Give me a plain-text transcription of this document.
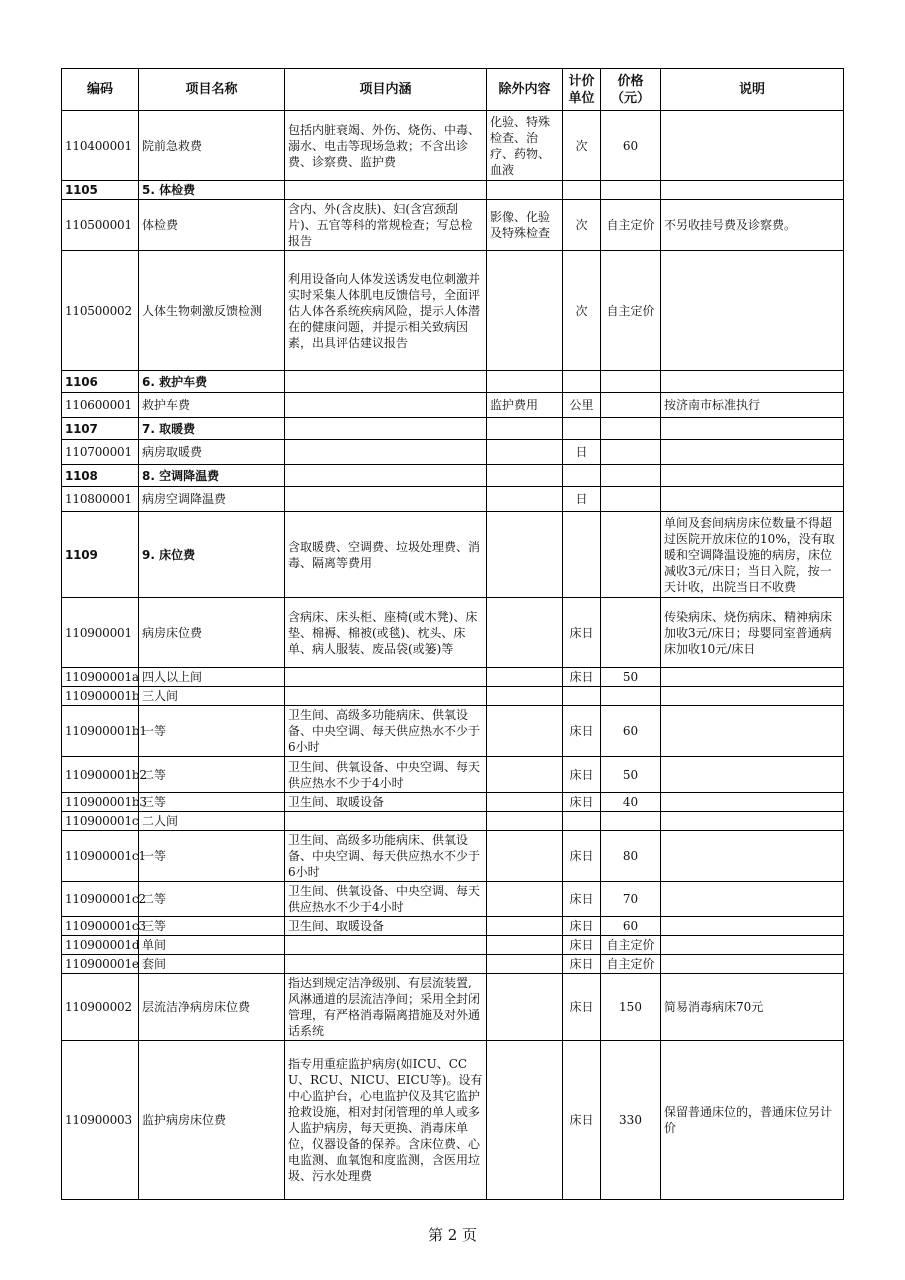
编码	项目名称	项目内涵	除外内容	计价单位	价格（元）	说明
110400001	院前急救费	包括内脏衰竭、外伤、烧伤、中毒、溺水、电击等现场急救；不含出诊费、诊察费、监护费	化验、特殊检查、治疗、药物、血液	次	60	
1105	5. 体检费					
110500001	体检费	含内、外(含皮肤)、妇(含宫颈刮片)、五官等科的常规检查；写总检报告	影像、化验及特殊检查	次	自主定价	不另收挂号费及诊察费。
110500002	人体生物刺激反馈检测	利用设备向人体发送诱发电位刺激并实时采集人体肌电反馈信号，全面评估人体各系统疾病风险，提示人体潜在的健康问题，并提示相关致病因素，出具评估建议报告		次	自主定价	
1106	6. 救护车费					
110600001	救护车费		监护费用	公里		按济南市标准执行
1107	7. 取暖费					
110700001	病房取暖费			日		
1108	8. 空调降温费					
110800001	病房空调降温费			日		
1109	9. 床位费	含取暖费、空调费、垃圾处理费、消毒、隔离等费用				单间及套间病房床位数量不得超过医院开放床位的10%，没有取暖和空调降温设施的病房，床位减收3元/床日；当日入院，按一天计收，出院当日不收费
110900001	病房床位费	含病床、床头柜、座椅(或木凳)、床垫、棉褥、棉被(或毯)、枕头、床单、病人服装、废品袋(或篓)等		床日		传染病床、烧伤病床、精神病床加收3元/床日；母婴同室普通病床加收10元/床日
110900001a	四人以上间			床日	50	
110900001b	三人间					
110900001b1	一等	卫生间、高级多功能病床、供氧设备、中央空调、每天供应热水不少于6小时		床日	60	
110900001b2	二等	卫生间、供氧设备、中央空调、每天供应热水不少于4小时		床日	50	
110900001b3	三等	卫生间、取暖设备		床日	40	
110900001c	二人间					
110900001c1	一等	卫生间、高级多功能病床、供氧设备、中央空调、每天供应热水不少于6小时		床日	80	
110900001c2	二等	卫生间、供氧设备、中央空调、每天供应热水不少于4小时		床日	70	
110900001c3	三等	卫生间、取暖设备		床日	60	
110900001d	单间			床日	自主定价	
110900001e	套间			床日	自主定价	
110900002	层流洁净病房床位费	指达到规定洁净级别、有层流装置,风淋通道的层流洁净间；采用全封闭管理，有严格消毒隔离措施及对外通话系统		床日	150	简易消毒病床70元
110900003	监护病房床位费	指专用重症监护病房(如ICU、CCU、RCU、NICU、EICU等)。设有中心监护台，心电监护仪及其它监护抢救设施，相对封闭管理的单人或多人监护病房，每天更换、消毒床单位，仪器设备的保养。含床位费、心电监测、血氧饱和度监测，含医用垃圾、污水处理费		床日	330	保留普通床位的，普通床位另计价
第 2 页
